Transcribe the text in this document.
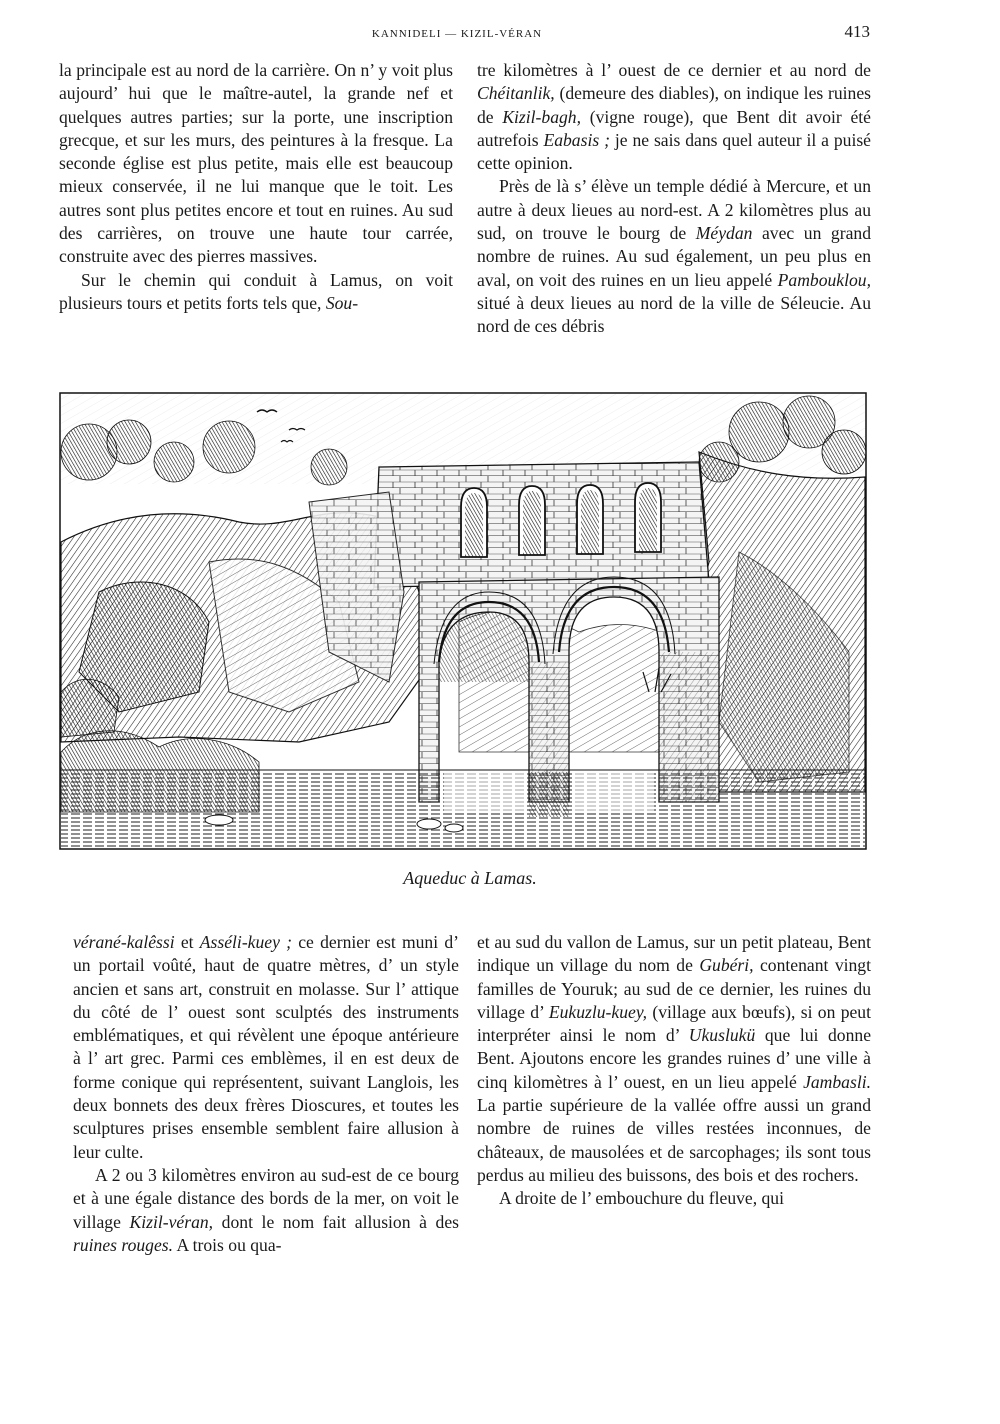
KANNIDELI — KIZIL-VÉRAN	413

la principale est au nord de la carrière. On n’ y voit plus aujourd’ hui que le maître-autel, la grande nef et quelques autres parties; sur la porte, une inscription grecque, et sur les murs, des peintures à la fresque. La seconde église est plus petite, mais elle est beaucoup mieux conservée, il ne lui manque que le toit. Les autres sont plus petites encore et tout en ruines. Au sud des carrières, on trouve une haute tour carrée, construite avec des pierres massives.

Sur le chemin qui conduit à Lamus, on voit plusieurs tours et petits forts tels que, Sou-

tre kilomètres à l’ ouest de ce dernier et au nord de Chéitanlik, (demeure des diables), on indique les ruines de Kizil-bagh, (vigne rouge), que Bent dit avoir été autrefois Eabasis ; je ne sais dans quel auteur il a puisé cette opinion.

Près de là s’ élève un temple dédié à Mercure, et un autre à deux lieues au nord-est. A 2 kilomètres plus au sud, on trouve le bourg de Méydan avec un grand nombre de ruines. Au sud également, un peu plus en aval, on voit des ruines en un lieu appelé Pambouklou, situé à deux lieues au nord de la ville de Séleucie. Au nord de ces débris

Aqueduc à Lamas.

vérané-kalêssi et Asséli-kuey ; ce dernier est muni d’ un portail voûté, haut de quatre mètres, d’ un style ancien et sans art, construit en molasse. Sur l’ attique du côté de l’ ouest sont sculptés des instruments emblématiques, et qui révèlent une époque antérieure à l’ art grec. Parmi ces emblèmes, il en est deux de forme conique qui représentent, suivant Langlois, les deux bonnets des deux frères Dioscures, et toutes les sculptures prises ensemble semblent faire allusion à leur culte.

A 2 ou 3 kilomètres environ au sud-est de ce bourg et à une égale distance des bords de la mer, on voit le village Kizil-véran, dont le nom fait allusion à des ruines rouges. A trois ou qua-

et au sud du vallon de Lamus, sur un petit plateau, Bent indique un village du nom de Gubéri, contenant vingt familles de Youruk; au sud de ce dernier, les ruines du village d’ Eukuzlu-kuey, (village aux bœufs), si on peut interpréter ainsi le nom d’ Ukuslukü que lui donne Bent. Ajoutons encore les grandes ruines d’ une ville à cinq kilomètres à l’ ouest, en un lieu appelé Jambasli. La partie supérieure de la vallée offre aussi un grand nombre de ruines de villes restées inconnues, de châteaux, de mausolées et de sarcophages; ils sont tous perdus au milieu des buissons, des bois et des rochers.

A droite de l’ embouchure du fleuve, qui
